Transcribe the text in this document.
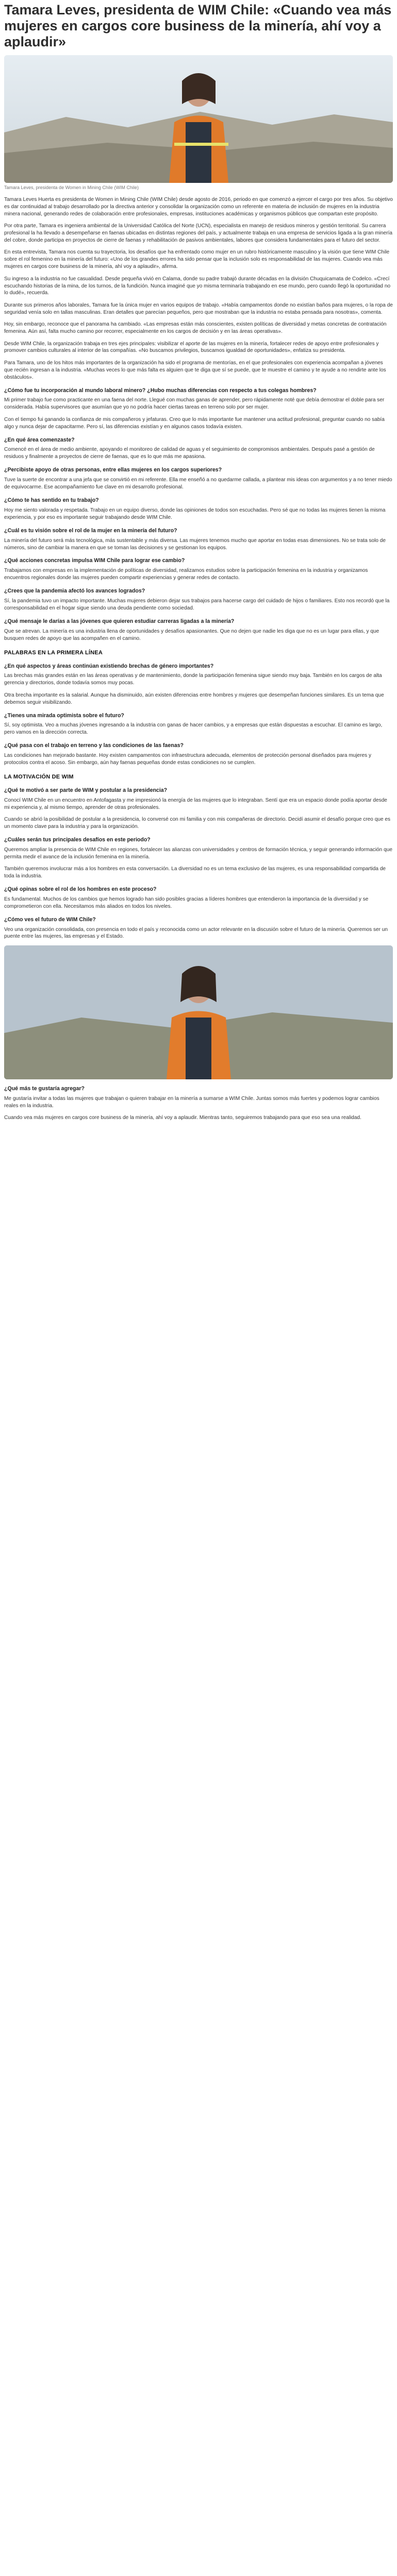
Tamara Leves, presidenta de WIM Chile: «Cuando vea más mujeres en cargos core business de la minería, ahí voy a aplaudir»

Tamara Leves, presidenta de Women in Mining Chile (WIM Chile)

Tamara Leves Huerta es presidenta de Women in Mining Chile (WIM Chile) desde agosto de 2016, periodo en que comenzó a ejercer el cargo por tres años. Su objetivo es dar continuidad al trabajo desarrollado por la directiva anterior y consolidar la organización como un referente en materia de inclusión de mujeres en la industria minera nacional, generando redes de colaboración entre profesionales, empresas, instituciones académicas y organismos públicos que compartan este propósito.

Por otra parte, Tamara es ingeniera ambiental de la Universidad Católica del Norte (UCN), especialista en manejo de residuos mineros y gestión territorial. Su carrera profesional la ha llevado a desempeñarse en faenas ubicadas en distintas regiones del país, y actualmente trabaja en una empresa de servicios ligada a la gran minería del cobre, donde participa en proyectos de cierre de faenas y rehabilitación de pasivos ambientales, labores que considera fundamentales para el futuro del sector.

En esta entrevista, Tamara nos cuenta su trayectoria, los desafíos que ha enfrentado como mujer en un rubro históricamente masculino y la visión que tiene WIM Chile sobre el rol femenino en la minería del futuro: «Uno de los grandes errores ha sido pensar que la inclusión solo es responsabilidad de las mujeres. Cuando vea más mujeres en cargos core business de la minería, ahí voy a aplaudir», afirma.

Su ingreso a la industria no fue casualidad. Desde pequeña vivió en Calama, donde su padre trabajó durante décadas en la división Chuquicamata de Codelco. «Crecí escuchando historias de la mina, de los turnos, de la fundición. Nunca imaginé que yo misma terminaría trabajando en ese mundo, pero cuando llegó la oportunidad no lo dudé», recuerda.

Durante sus primeros años laborales, Tamara fue la única mujer en varios equipos de trabajo. «Había campamentos donde no existían baños para mujeres, o la ropa de seguridad venía solo en tallas masculinas. Eran detalles que parecían pequeños, pero que mostraban que la industria no estaba pensada para nosotras», comenta.

Hoy, sin embargo, reconoce que el panorama ha cambiado. «Las empresas están más conscientes, existen políticas de diversidad y metas concretas de contratación femenina. Aún así, falta mucho camino por recorrer, especialmente en los cargos de decisión y en las áreas operativas».

Desde WIM Chile, la organización trabaja en tres ejes principales: visibilizar el aporte de las mujeres en la minería, fortalecer redes de apoyo entre profesionales y promover cambios culturales al interior de las compañías. «No buscamos privilegios, buscamos igualdad de oportunidades», enfatiza su presidenta.

Para Tamara, uno de los hitos más importantes de la organización ha sido el programa de mentorías, en el que profesionales con experiencia acompañan a jóvenes que recién ingresan a la industria. «Muchas veces lo que más falta es alguien que te diga que sí se puede, que te muestre el camino y te ayude a no rendirte ante los obstáculos».

¿Cómo fue tu incorporación al mundo laboral minero? ¿Hubo muchas diferencias con respecto a tus colegas hombres?

Mi primer trabajo fue como practicante en una faena del norte. Llegué con muchas ganas de aprender, pero rápidamente noté que debía demostrar el doble para ser considerada. Había supervisores que asumían que yo no podría hacer ciertas tareas en terreno solo por ser mujer.

Con el tiempo fui ganando la confianza de mis compañeros y jefaturas. Creo que lo más importante fue mantener una actitud profesional, preguntar cuando no sabía algo y nunca dejar de capacitarme. Pero sí, las diferencias existían y en algunos casos todavía existen.

¿En qué área comenzaste?

Comencé en el área de medio ambiente, apoyando el monitoreo de calidad de aguas y el seguimiento de compromisos ambientales. Después pasé a gestión de residuos y finalmente a proyectos de cierre de faenas, que es lo que más me apasiona.

¿Percibiste apoyo de otras personas, entre ellas mujeres en los cargos superiores?

Tuve la suerte de encontrar a una jefa que se convirtió en mi referente. Ella me enseñó a no quedarme callada, a plantear mis ideas con argumentos y a no tener miedo de equivocarme. Ese acompañamiento fue clave en mi desarrollo profesional.

¿Cómo te has sentido en tu trabajo?

Hoy me siento valorada y respetada. Trabajo en un equipo diverso, donde las opiniones de todos son escuchadas. Pero sé que no todas las mujeres tienen la misma experiencia, y por eso es importante seguir trabajando desde WIM Chile.

¿Cuál es tu visión sobre el rol de la mujer en la minería del futuro?

La minería del futuro será más tecnológica, más sustentable y más diversa. Las mujeres tenemos mucho que aportar en todas esas dimensiones. No se trata solo de números, sino de cambiar la manera en que se toman las decisiones y se gestionan los equipos.

¿Qué acciones concretas impulsa WIM Chile para lograr ese cambio?

Trabajamos con empresas en la implementación de políticas de diversidad, realizamos estudios sobre la participación femenina en la industria y organizamos encuentros regionales donde las mujeres pueden compartir experiencias y generar redes de contacto.

¿Crees que la pandemia afectó los avances logrados?

Sí, la pandemia tuvo un impacto importante. Muchas mujeres debieron dejar sus trabajos para hacerse cargo del cuidado de hijos o familiares. Esto nos recordó que la corresponsabilidad en el hogar sigue siendo una deuda pendiente como sociedad.

¿Qué mensaje le darías a las jóvenes que quieren estudiar carreras ligadas a la minería?

Que se atrevan. La minería es una industria llena de oportunidades y desafíos apasionantes. Que no dejen que nadie les diga que no es un lugar para ellas, y que busquen redes de apoyo que las acompañen en el camino.

PALABRAS EN LA PRIMERA LÍNEA
¿En qué aspectos y áreas continúan existiendo brechas de género importantes?

Las brechas más grandes están en las áreas operativas y de mantenimiento, donde la participación femenina sigue siendo muy baja. También en los cargos de alta gerencia y directorios, donde todavía somos muy pocas.

Otra brecha importante es la salarial. Aunque ha disminuido, aún existen diferencias entre hombres y mujeres que desempeñan funciones similares. Es un tema que debemos seguir visibilizando.

¿Tienes una mirada optimista sobre el futuro?

Sí, soy optimista. Veo a muchas jóvenes ingresando a la industria con ganas de hacer cambios, y a empresas que están dispuestas a escuchar. El camino es largo, pero vamos en la dirección correcta.

¿Qué pasa con el trabajo en terreno y las condiciones de las faenas?

Las condiciones han mejorado bastante. Hoy existen campamentos con infraestructura adecuada, elementos de protección personal diseñados para mujeres y protocolos contra el acoso. Sin embargo, aún hay faenas pequeñas donde estas condiciones no se cumplen.

LA MOTIVACIÓN DE WIM
¿Qué te motivó a ser parte de WIM y postular a la presidencia?

Conocí WIM Chile en un encuentro en Antofagasta y me impresionó la energía de las mujeres que lo integraban. Sentí que era un espacio donde podía aportar desde mi experiencia y, al mismo tiempo, aprender de otras profesionales.

Cuando se abrió la posibilidad de postular a la presidencia, lo conversé con mi familia y con mis compañeras de directorio. Decidí asumir el desafío porque creo que es un momento clave para la industria y para la organización.

¿Cuáles serán tus principales desafíos en este periodo?

Queremos ampliar la presencia de WIM Chile en regiones, fortalecer las alianzas con universidades y centros de formación técnica, y seguir generando información que permita medir el avance de la inclusión femenina en la minería.

También queremos involucrar más a los hombres en esta conversación. La diversidad no es un tema exclusivo de las mujeres, es una responsabilidad compartida de toda la industria.

¿Qué opinas sobre el rol de los hombres en este proceso?

Es fundamental. Muchos de los cambios que hemos logrado han sido posibles gracias a líderes hombres que entendieron la importancia de la diversidad y se comprometieron con ella. Necesitamos más aliados en todos los niveles.

¿Cómo ves el futuro de WIM Chile?

Veo una organización consolidada, con presencia en todo el país y reconocida como un actor relevante en la discusión sobre el futuro de la minería. Queremos ser un puente entre las mujeres, las empresas y el Estado.

¿Qué más te gustaría agregar?

Me gustaría invitar a todas las mujeres que trabajan o quieren trabajar en la minería a sumarse a WIM Chile. Juntas somos más fuertes y podemos lograr cambios reales en la industria.

Cuando vea más mujeres en cargos core business de la minería, ahí voy a aplaudir. Mientras tanto, seguiremos trabajando para que eso sea una realidad.
